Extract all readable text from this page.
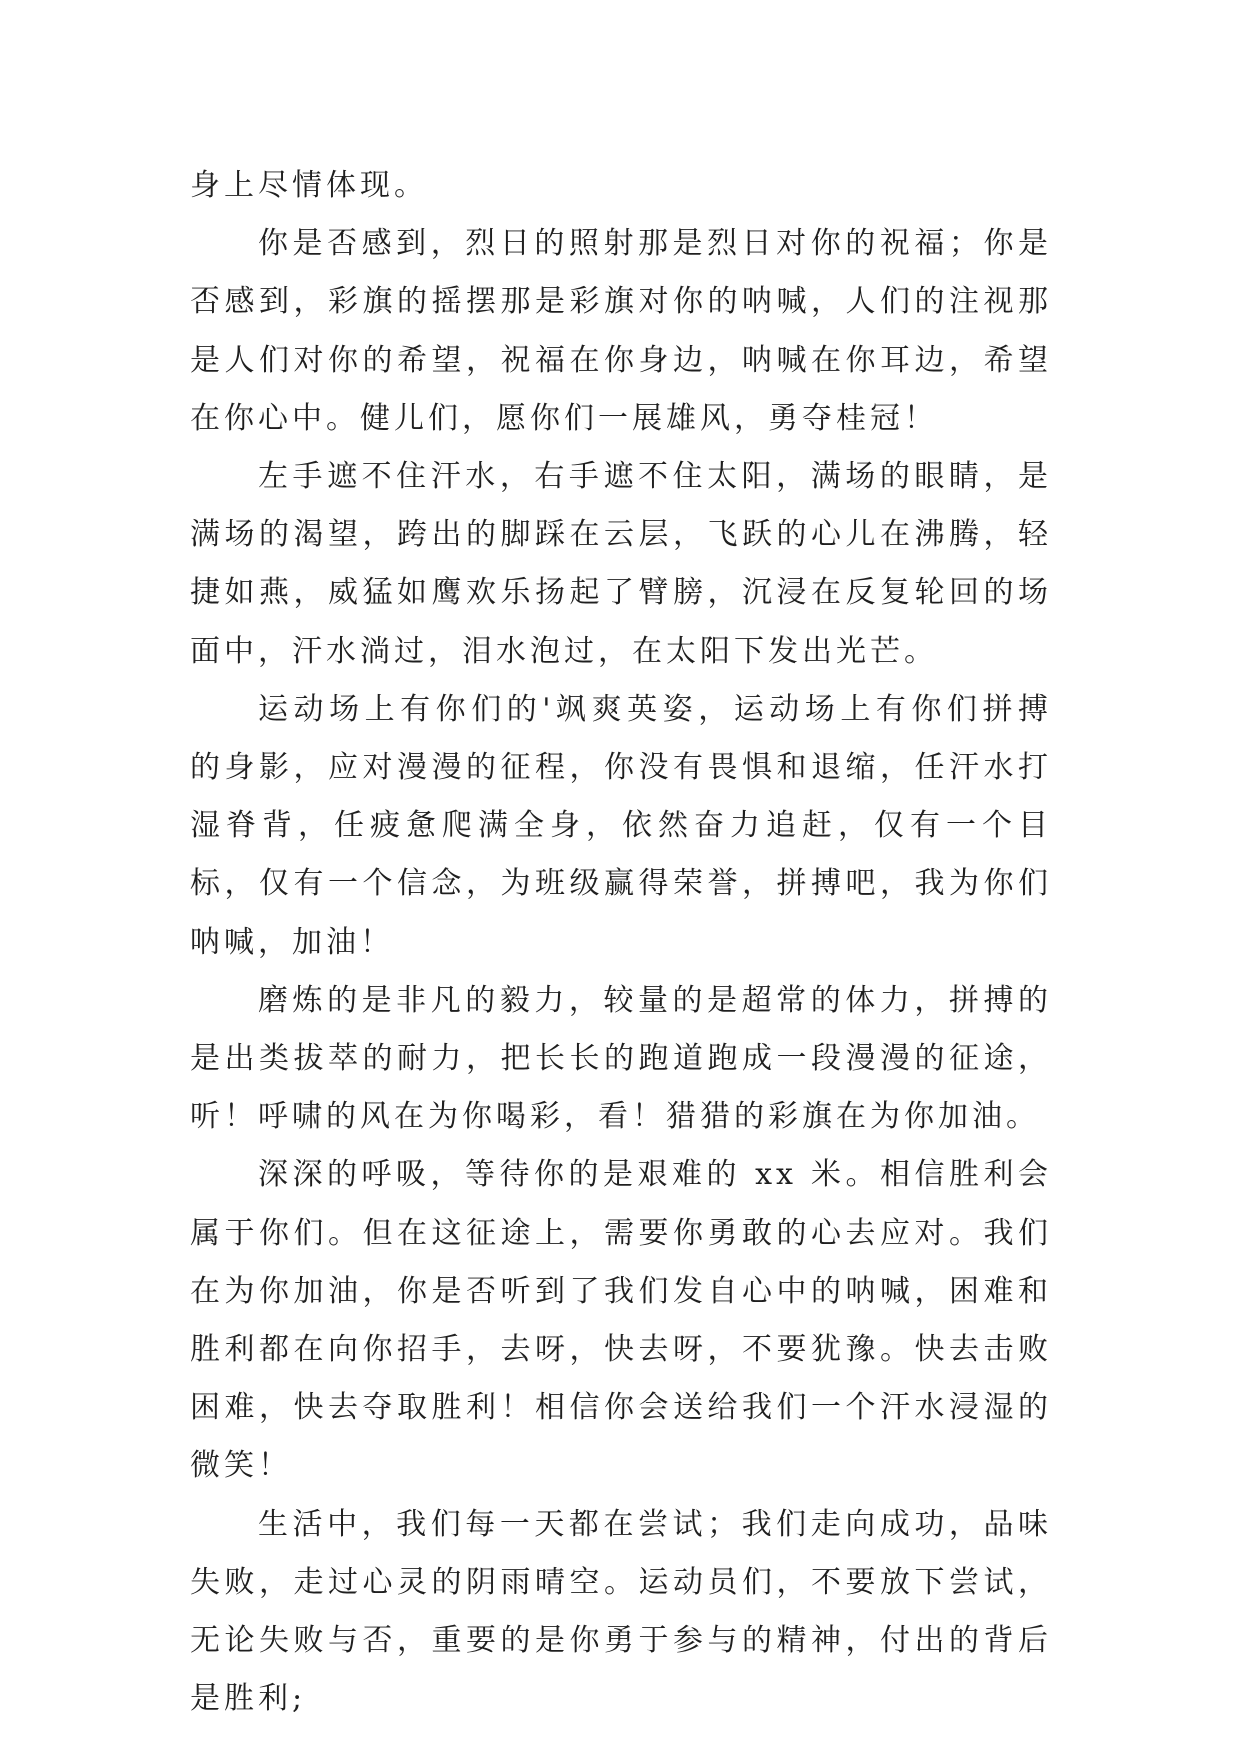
身上尽情体现。

你是否感到，烈日的照射那是烈日对你的祝福；你是否感到，彩旗的摇摆那是彩旗对你的呐喊，人们的注视那是人们对你的希望，祝福在你身边，呐喊在你耳边，希望在你心中。健儿们，愿你们一展雄风，勇夺桂冠！

左手遮不住汗水，右手遮不住太阳，满场的眼睛，是满场的渴望，跨出的脚踩在云层，飞跃的心儿在沸腾，轻捷如燕，威猛如鹰欢乐扬起了臂膀，沉浸在反复轮回的场面中，汗水淌过，泪水泡过，在太阳下发出光芒。

运动场上有你们的'飒爽英姿，运动场上有你们拼搏的身影，应对漫漫的征程，你没有畏惧和退缩，任汗水打湿脊背，任疲惫爬满全身，依然奋力追赶，仅有一个目标，仅有一个信念，为班级赢得荣誉，拼搏吧，我为你们呐喊，加油！

磨炼的是非凡的毅力，较量的是超常的体力，拼搏的是出类拔萃的耐力，把长长的跑道跑成一段漫漫的征途，听！呼啸的风在为你喝彩，看！猎猎的彩旗在为你加油。

深深的呼吸，等待你的是艰难的 xx 米。相信胜利会属于你们。但在这征途上，需要你勇敢的心去应对。我们在为你加油，你是否听到了我们发自心中的呐喊，困难和胜利都在向你招手，去呀，快去呀，不要犹豫。快去击败困难，快去夺取胜利！相信你会送给我们一个汗水浸湿的微笑！

生活中，我们每一天都在尝试；我们走向成功，品味失败，走过心灵的阴雨晴空。运动员们，不要放下尝试，无论失败与否，重要的是你勇于参与的精神，付出的背后是胜利;
